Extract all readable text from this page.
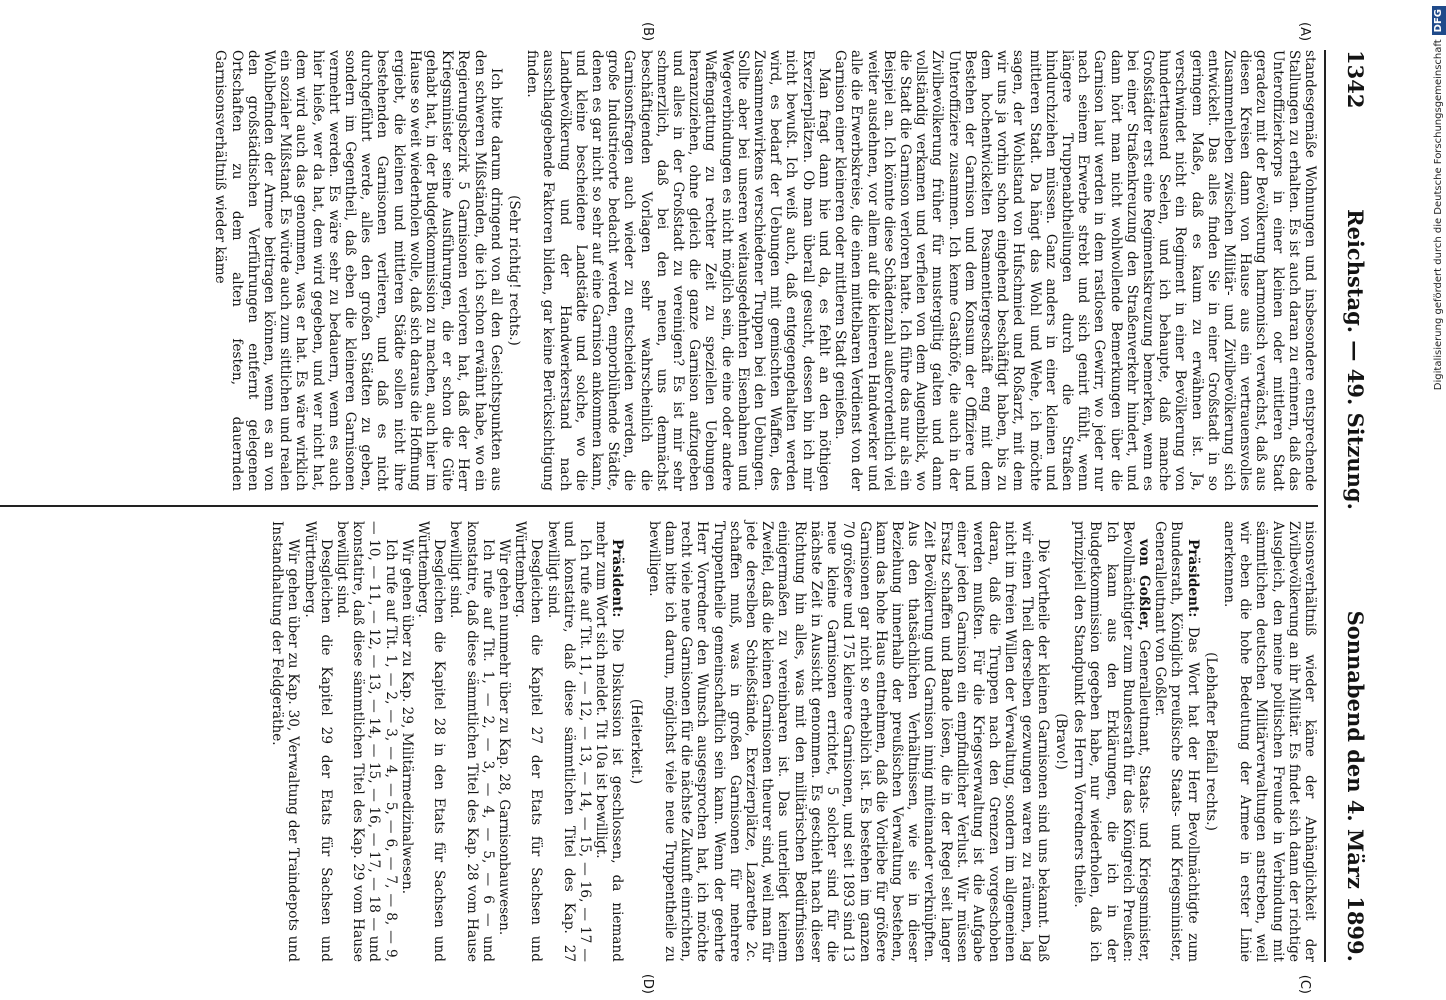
1342
Reichstag. — 49. Sitzung.
Sonnabend den 4. März 1899.
(A)
(B)
(C)
(D)

standesgemäße Wohnungen und insbesondere entsprechende Stallungen zu erhalten. Es ist auch daran zu erinnern, daß das Unteroffizierkorps in einer kleinen oder mittleren Stadt geradezu mit der Bevölkerung harmonisch verwächst, daß aus diesen Kreisen dann von Hause aus ein vertrauensvolles Zusammenleben zwischen Militär- und Zivilbevölkerung sich entwickelt. Das alles finden Sie in einer Großstadt in so geringem Maße, daß es kaum zu erwähnen ist. Ja, verschwindet nicht ein Regiment in einer Bevölkerung von hunderttausend Seelen, und ich behaupte, daß manche Großstädter erst eine Regimentskreuzung bemerken, wenn es bei einer Straßenkreuzung den Straßenverkehr hindert, und dann hört man nicht wohlwollende Bemerkungen über die Garnison laut werden in dem rastlosen Gewirr, wo jeder nur nach seinem Erwerbe strebt und sich genirt fühlt, wenn längere Truppenabtheilungen durch die Straßen hindurchziehen müssen. Ganz anders in einer kleinen und mittleren Stadt. Da hängt das Wohl und Wehe, ich möchte sagen, der Wohlstand von Hufschmied und Roßarzt, mit dem wir uns ja vorhin schon eingehend beschäftigt haben, bis zu dem hochentwickelten Posamentiergeschäft eng mit dem Bestehen der Garnison und dem Konsum der Offiziere und Unteroffiziere zusammen. Ich kenne Gasthöfe, die auch in der Zivilbevölkerung früher für mustergiltig galten und dann vollständig verkamen und verfielen von dem Augenblick, wo die Stadt die Garnison verloren hatte. Ich führe das nur als ein Beispiel an. Ich könnte diese Schädenzahl außerordentlich viel weiter ausdehnen, vor allem auf die kleineren Handwerker und alle die Erwerbskreise, die einen mittelbaren Verdienst von der Garnison einer kleineren oder mittleren Stadt genießen.

Man fragt dann hie und da, es fehlt an den nöthigen Exerzierplätzen. Ob man überall gesucht, dessen bin ich mir nicht bewußt. Ich weiß auch, daß entgegengehalten werden wird, es bedarf der Uebungen mit gemischten Waffen, des Zusammenwirkens verschiedener Truppen bei den Uebungen. Sollte aber bei unseren weitausgedehnten Eisenbahnen und Wegeverbindungen es nicht möglich sein, die eine oder andere Waffengattung zu rechter Zeit zu speziellen Uebungen heranzuziehen, ohne gleich die ganze Garnison aufzugeben und alles in der Großstadt zu vereinigen? Es ist mir sehr schmerzlich, daß bei den neuen, uns demnächst beschäftigenden Vorlagen sehr wahrscheinlich die Garnisonsfragen auch wieder zu entscheiden werden, die große Industrieorte bedacht werden, emporblühende Städte, denen es gar nicht so sehr auf eine Garnison ankommen kann, und kleine bescheidene Landstädte und solche, wo die Landbevölkerung und der Handwerkerstand nach ausschlaggebende Faktoren bilden, gar keine Berücksichtigung finden.

(Sehr richtig! rechts.)

Ich bitte darum dringend von all den Gesichtspunkten aus den schweren Mißständen, die ich schon erwähnt habe, wo ein Regierungsbezirk 5 Garnisonen verloren hat, daß der Herr Kriegsminister seine Ausführungen, die er schon die Güte gehabt hat, in der Budgetkommission zu machen, auch hier im Hause so weit wiederholen wolle, daß sich daraus die Hoffnung ergiebt, die kleinen und mittleren Städte sollen nicht ihre bestehenden Garnisonen verlieren, und daß es nicht durchgeführt werde, alles den großen Städten zu geben, sondern im Gegentheil, daß eben die kleineren Garnisonen vermehrt werden. Es wäre sehr zu bedauern, wenn es auch hier hieße, wer da hat, dem wird gegeben, und wer nicht hat, dem wird auch das genommen, was er hat. Es wäre wirklich ein sozialer Mißstand. Es würde auch zum sittlichen und realen Wohlbefinden der Armee beitragen können, wenn es an von den großstädtischen Verführungen entfernt gelegenen Ortschaften zu dem alten festen, dauernden Garnisonsverhältniß wieder käme

nisonsverhältniß wieder käme der Anhänglichkeit der Zivilbevölkerung an ihr Militär. Es findet sich dann der richtige Ausgleich, den meine politischen Freunde in Verbindung mit sämmtlichen deutschen Militärverwaltungen anstreben, weil wir eben die hohe Bedeutung der Armee in erster Linie anerkennen.

(Lebhafter Beifall rechts.)

Präsident: Das Wort hat der Herr Bevollmächtigte zum Bundesrath, Königlich preußische Staats- und Kriegsminister, Generalleutnant von Goßler.

von Goßler, Generalleutnant, Staats- und Kriegsminister, Bevollmächtigter zum Bundesrath für das Königreich Preußen: Ich kann aus den Erklärungen, die ich in der Budgetkommission gegeben habe, nur wiederholen, daß ich prinzipiell den Standpunkt des Herrn Vorredners theile.

(Bravo!)

Die Vortheile der kleinen Garnisonen sind uns bekannt. Daß wir einen Theil derselben gezwungen waren zu räumen, lag nicht im freien Willen der Verwaltung, sondern im allgemeinen daran, daß die Truppen nach den Grenzen vorgeschoben werden mußten. Für die Kriegsverwaltung ist die Aufgabe einer jeden Garnison ein empfindlicher Verlust. Wir müssen Ersatz schaffen und Bande lösen, die in der Regel seit langer Zeit Bevölkerung und Garnison innig miteinander verknüpften. Aus den thatsächlichen Verhältnissen, wie sie in dieser Beziehung innerhalb der preußischen Verwaltung bestehen, kann das hohe Haus entnehmen, daß die Vorliebe für größere Garnisonen gar nicht so erheblich ist. Es bestehen im ganzen 70 größere und 175 kleinere Garnisonen, und seit 1893 sind 13 neue kleine Garnisonen errichtet, 5 solcher sind für die nächste Zeit in Aussicht genommen. Es geschieht nach dieser Richtung hin alles, was mit den militärischen Bedürfnissen einigermaßen zu vereinbaren ist. Das unterliegt keinem Zweifel, daß die kleinen Garnisonen theurer sind, weil man für jede derselben Schießstände, Exerzierplätze, Lazarethe 2c. schaffen muß, was in großen Garnisonen für mehrere Truppentheile gemeinschaftlich sein kann. Wenn der geehrte Herr Vorredner den Wunsch ausgesprochen hat, ich möchte recht viele neue Garnisonen für die nächste Zukunft einrichten, dann bitte ich darum, möglichst viele neue Truppentheile zu bewilligen.

(Heiterkeit.)

Präsident: Die Diskussion ist geschlossen, da niemand mehr zum Wort sich meldet. Tit 10a ist bewilligt.

Ich rufe auf Tit. 11, — 12, — 13, — 14, — 15, — 16, — 17 — und konstatire, daß diese sämmtlichen Titel des Kap. 27 bewilligt sind.

Desgleichen die Kapitel 27 der Etats für Sachsen und Württemberg.

Wir gehen nunmehr über zu Kap. 28, Garnisonbauwesen.

Ich rufe auf Tit. 1, — 2, — 3, — 4, — 5, — 6 — und konstatire, daß diese sämmtlichen Titel des Kap. 28 vom Hause bewilligt sind.

Desgleichen die Kapitel 28 in den Etats für Sachsen und Württemberg.

Wir gehen über zu Kap. 29, Militärmedizinalwesen.

Ich rufe auf Tit. 1, — 2, — 3, — 4, — 5, — 6, — 7, — 8, — 9, — 10, — 11, — 12, — 13, — 14, — 15, — 16, — 17, — 18 — und konstatire, daß diese sämmtlichen Titel des Kap. 29 vom Hause bewilligt sind.

Desgleichen die Kapitel 29 der Etats für Sachsen und Württemberg.

Wir gehen über zu Kap. 30, Verwaltung der Traindepots und Instandhaltung der Feldgeräthe.

Digitalisierung gefördert durch die Deutsche ForschungsgemeinschaftDFG
